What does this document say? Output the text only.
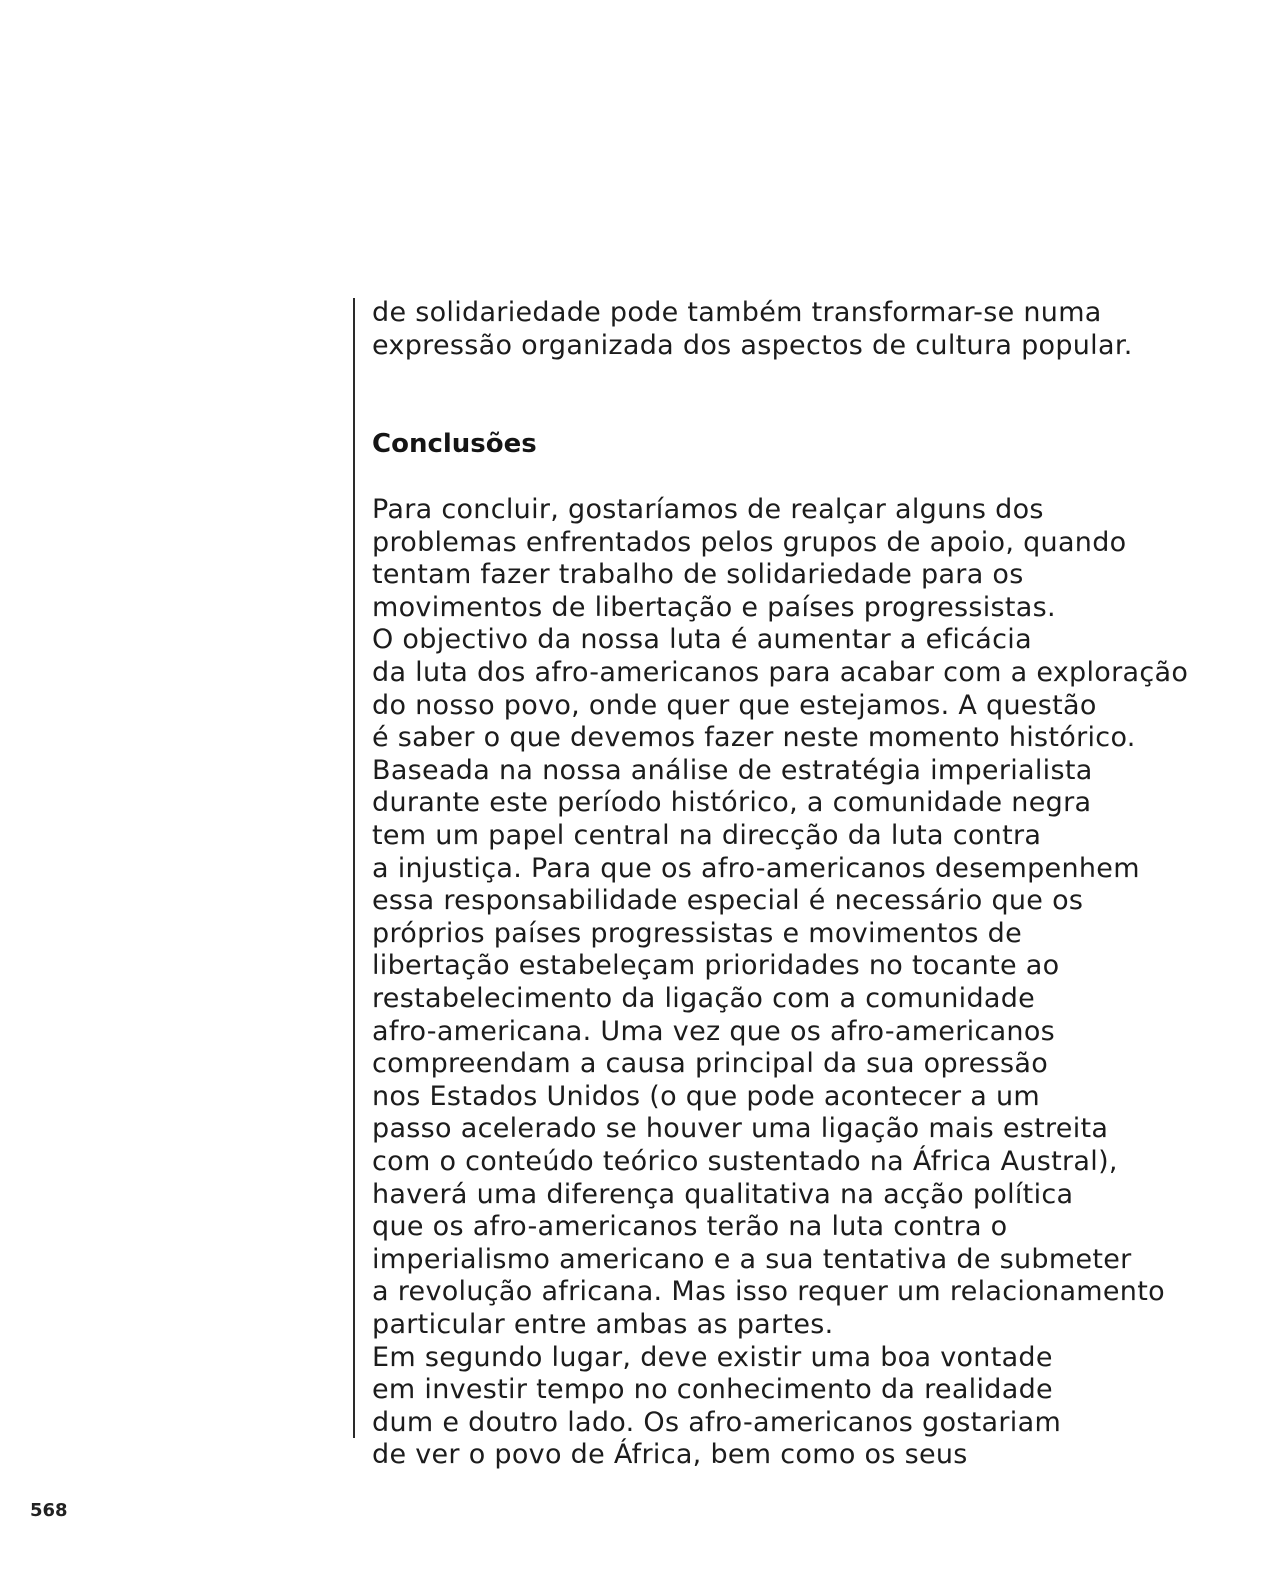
de solidariedade pode também transformar-se numa
expressão organizada dos aspectos de cultura popular.
Conclusões
Para concluir, gostaríamos de realçar alguns dos
problemas enfrentados pelos grupos de apoio, quando
tentam fazer trabalho de solidariedade para os
movimentos de libertação e países progressistas.
O objectivo da nossa luta é aumentar a eficácia
da luta dos afro-americanos para acabar com a exploração
do nosso povo, onde quer que estejamos. A questão
é saber o que devemos fazer neste momento histórico.
Baseada na nossa análise de estratégia imperialista
durante este período histórico, a comunidade negra
tem um papel central na direcção da luta contra
a injustiça. Para que os afro-americanos desempenhem
essa responsabilidade especial é necessário que os
próprios países progressistas e movimentos de
libertação estabeleçam prioridades no tocante ao
restabelecimento da ligação com a comunidade
afro-americana. Uma vez que os afro-americanos
compreendam a causa principal da sua opressão
nos Estados Unidos (o que pode acontecer a um
passo acelerado se houver uma ligação mais estreita
com o conteúdo teórico sustentado na África Austral),
haverá uma diferença qualitativa na acção política
que os afro-americanos terão na luta contra o
imperialismo americano e a sua tentativa de submeter
a revolução africana. Mas isso requer um relacionamento
particular entre ambas as partes.
Em segundo lugar, deve existir uma boa vontade
em investir tempo no conhecimento da realidade
dum e doutro lado. Os afro-americanos gostariam
de ver o povo de África, bem como os seus
568
